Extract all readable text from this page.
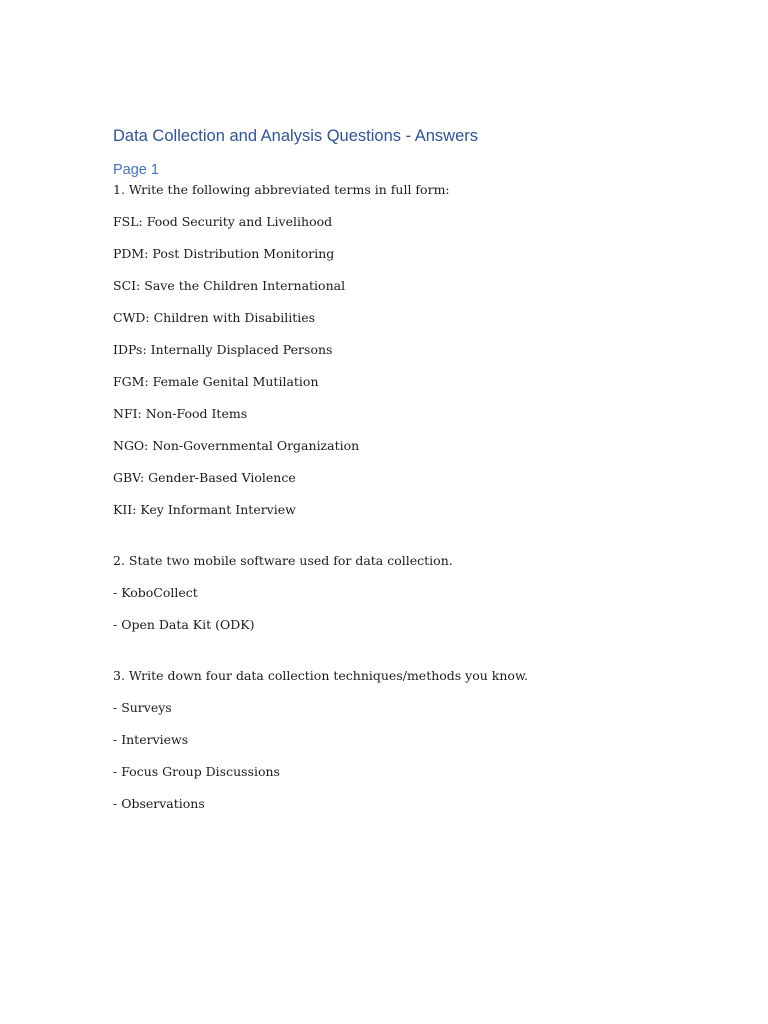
Data Collection and Analysis Questions - Answers
Page 1

1. Write the following abbreviated terms in full form:

FSL: Food Security and Livelihood

PDM: Post Distribution Monitoring

SCI: Save the Children International

CWD: Children with Disabilities

IDPs: Internally Displaced Persons

FGM: Female Genital Mutilation

NFI: Non-Food Items

NGO: Non-Governmental Organization

GBV: Gender-Based Violence

KII: Key Informant Interview

2. State two mobile software used for data collection.

- KoboCollect

- Open Data Kit (ODK)

3. Write down four data collection techniques/methods you know.

- Surveys

- Interviews

- Focus Group Discussions

- Observations
